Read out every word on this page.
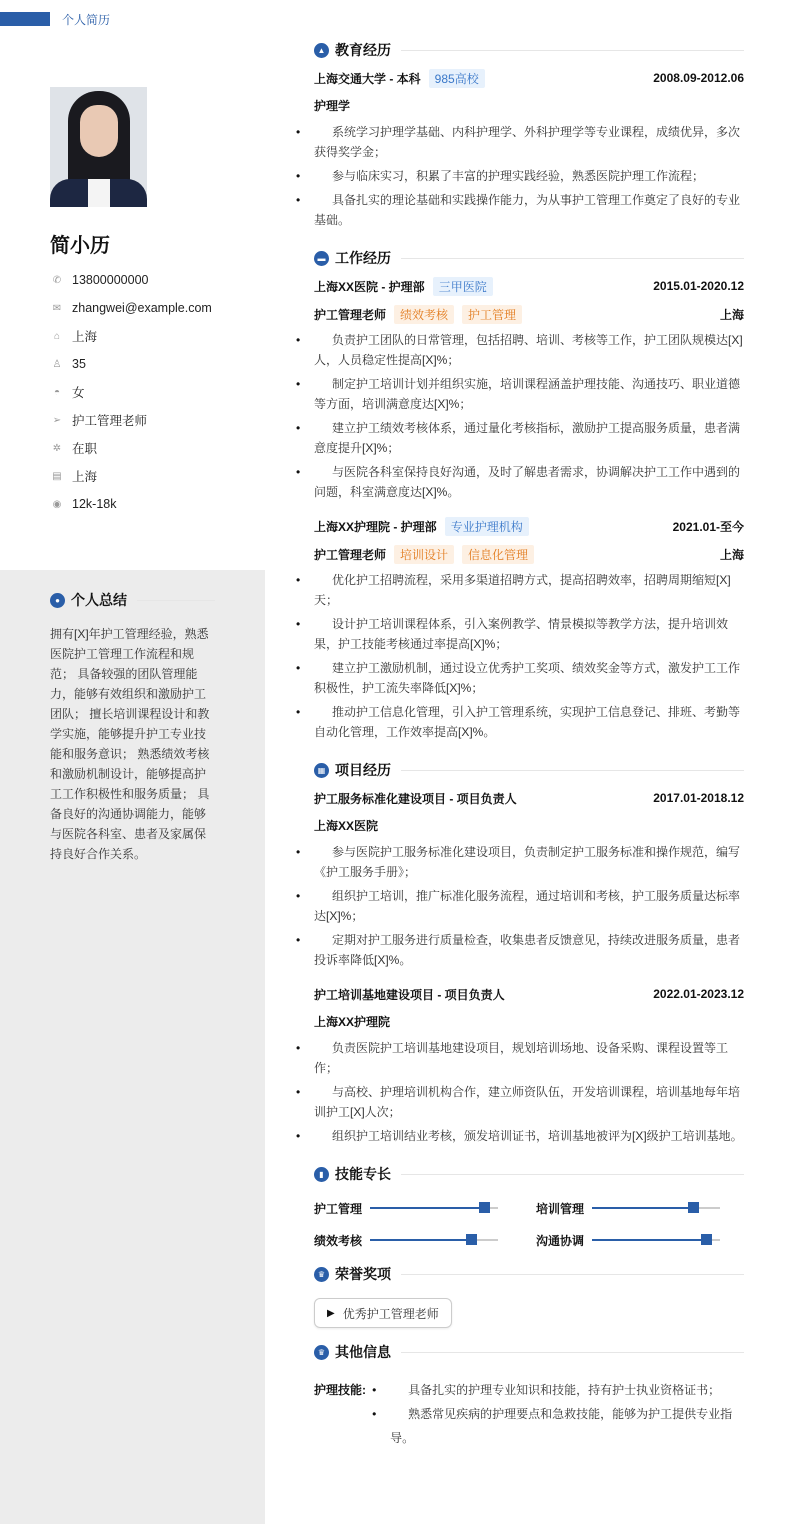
个人简历
简小历
✆ 13800000000
✉ zhangwei@example.com
⌂ 上海
♙ 35
◓ 女
➢ 护工管理老师
✲ 在职
▤ 上海
◉ 12k-18k
● 个人总结

拥有[X]年护工管理经验，熟悉医院护工管理工作流程和规范； 具备较强的团队管理能力，能够有效组织和激励护工团队； 擅长培训课程设计和教学实施，能够提升护工专业技能和服务意识； 熟悉绩效考核和激励机制设计，能够提高护工工作积极性和服务质量； 具备良好的沟通协调能力，能够与医院各科室、患者及家属保持良好合作关系。

▲ 教育经历
上海交通大学 - 本科	985高校	2008.09-2012.06
护理学
• 系统学习护理学基础、内科护理学、外科护理学等专业课程，成绩优异，多次获得奖学金；
• 参与临床实习，积累了丰富的护理实践经验，熟悉医院护理工作流程；
• 具备扎实的理论基础和实践操作能力，为从事护工管理工作奠定了良好的专业基础。
▬ 工作经历
上海XX医院 - 护理部	三甲医院	2015.01-2020.12
护工管理老师	绩效考核	护工管理	上海
• 负责护工团队的日常管理，包括招聘、培训、考核等工作，护工团队规模达[X]人，人员稳定性提高[X]%；
• 制定护工培训计划并组织实施，培训课程涵盖护理技能、沟通技巧、职业道德等方面，培训满意度达[X]%；
• 建立护工绩效考核体系，通过量化考核指标，激励护工提高服务质量，患者满意度提升[X]%；
• 与医院各科室保持良好沟通，及时了解患者需求，协调解决护工工作中遇到的问题，科室满意度达[X]%。
上海XX护理院 - 护理部	专业护理机构	2021.01-至今
护工管理老师	培训设计	信息化管理	上海
• 优化护工招聘流程，采用多渠道招聘方式，提高招聘效率，招聘周期缩短[X]天；
• 设计护工培训课程体系，引入案例教学、情景模拟等教学方法，提升培训效果，护工技能考核通过率提高[X]%；
• 建立护工激励机制，通过设立优秀护工奖项、绩效奖金等方式，激发护工工作积极性，护工流失率降低[X]%；
• 推动护工信息化管理，引入护工管理系统，实现护工信息登记、排班、考勤等自动化管理，工作效率提高[X]%。
▦ 项目经历
护工服务标准化建设项目 - 项目负责人	2017.01-2018.12
上海XX医院
• 参与医院护工服务标准化建设项目，负责制定护工服务标准和操作规范，编写《护工服务手册》；
• 组织护工培训，推广标准化服务流程，通过培训和考核，护工服务质量达标率达[X]%；
• 定期对护工服务进行质量检查，收集患者反馈意见，持续改进服务质量，患者投诉率降低[X]%。
护工培训基地建设项目 - 项目负责人	2022.01-2023.12
上海XX护理院
• 负责医院护工培训基地建设项目，规划培训场地、设备采购、课程设置等工作；
• 与高校、护理培训机构合作，建立师资队伍，开发培训课程，培训基地每年培训护工[X]人次；
• 组织护工培训结业考核，颁发培训证书，培训基地被评为[X]级护工培训基地。
▮ 技能专长
护工管理	培训管理
绩效考核	沟通协调
♛ 荣誉奖项
▶ 优秀护工管理老师
♛ 其他信息
护理技能:	• 具备扎实的护理专业知识和技能，持有护士执业资格证书；
• 熟悉常见疾病的护理要点和急救技能，能够为护工提供专业指导。
